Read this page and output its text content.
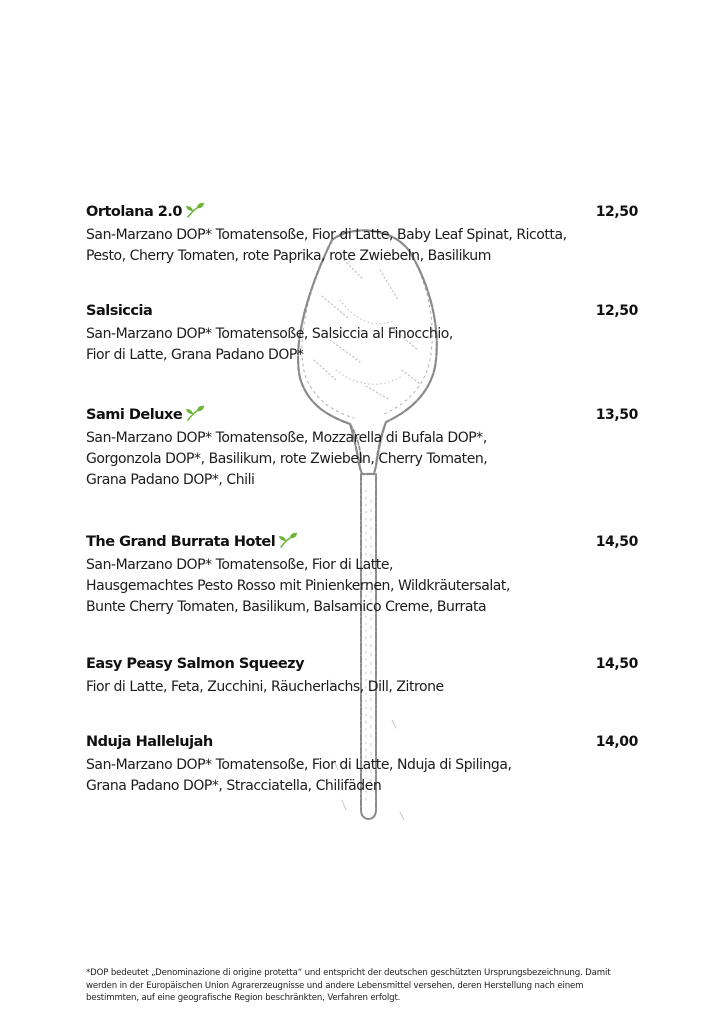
Ortolana 2.0	12,50
San-Marzano DOP* Tomatensoße, Fior di Latte, Baby Leaf Spinat, Ricotta,
Pesto, Cherry Tomaten, rote Paprika, rote Zwiebeln, Basilikum
Salsiccia	12,50
San-Marzano DOP* Tomatensoße, Salsiccia al Finocchio,
Fior di Latte, Grana Padano DOP*
Sami Deluxe	13,50
San-Marzano DOP* Tomatensoße, Mozzarella di Bufala DOP*,
Gorgonzola DOP*, Basilikum, rote Zwiebeln, Cherry Tomaten,
Grana Padano DOP*, Chili
The Grand Burrata Hotel	14,50
San-Marzano DOP* Tomatensoße, Fior di Latte,
Hausgemachtes Pesto Rosso mit Pinienkernen, Wildkräutersalat,
Bunte Cherry Tomaten, Basilikum, Balsamico Creme, Burrata
Easy Peasy Salmon Squeezy	14,50
Fior di Latte, Feta, Zucchini, Räucherlachs, Dill, Zitrone
Nduja Hallelujah	14,00
San-Marzano DOP* Tomatensoße, Fior di Latte, Nduja di Spilinga,
Grana Padano DOP*, Stracciatella, Chilifäden
*DOP bedeutet „Denominazione di origine protetta“ und entspricht der deutschen geschützten Ursprungsbezeichnung. Damit
werden in der Europäischen Union Agrarerzeugnisse und andere Lebensmittel versehen, deren Herstellung nach einem
bestimmten, auf eine geografische Region beschränkten, Verfahren erfolgt.
